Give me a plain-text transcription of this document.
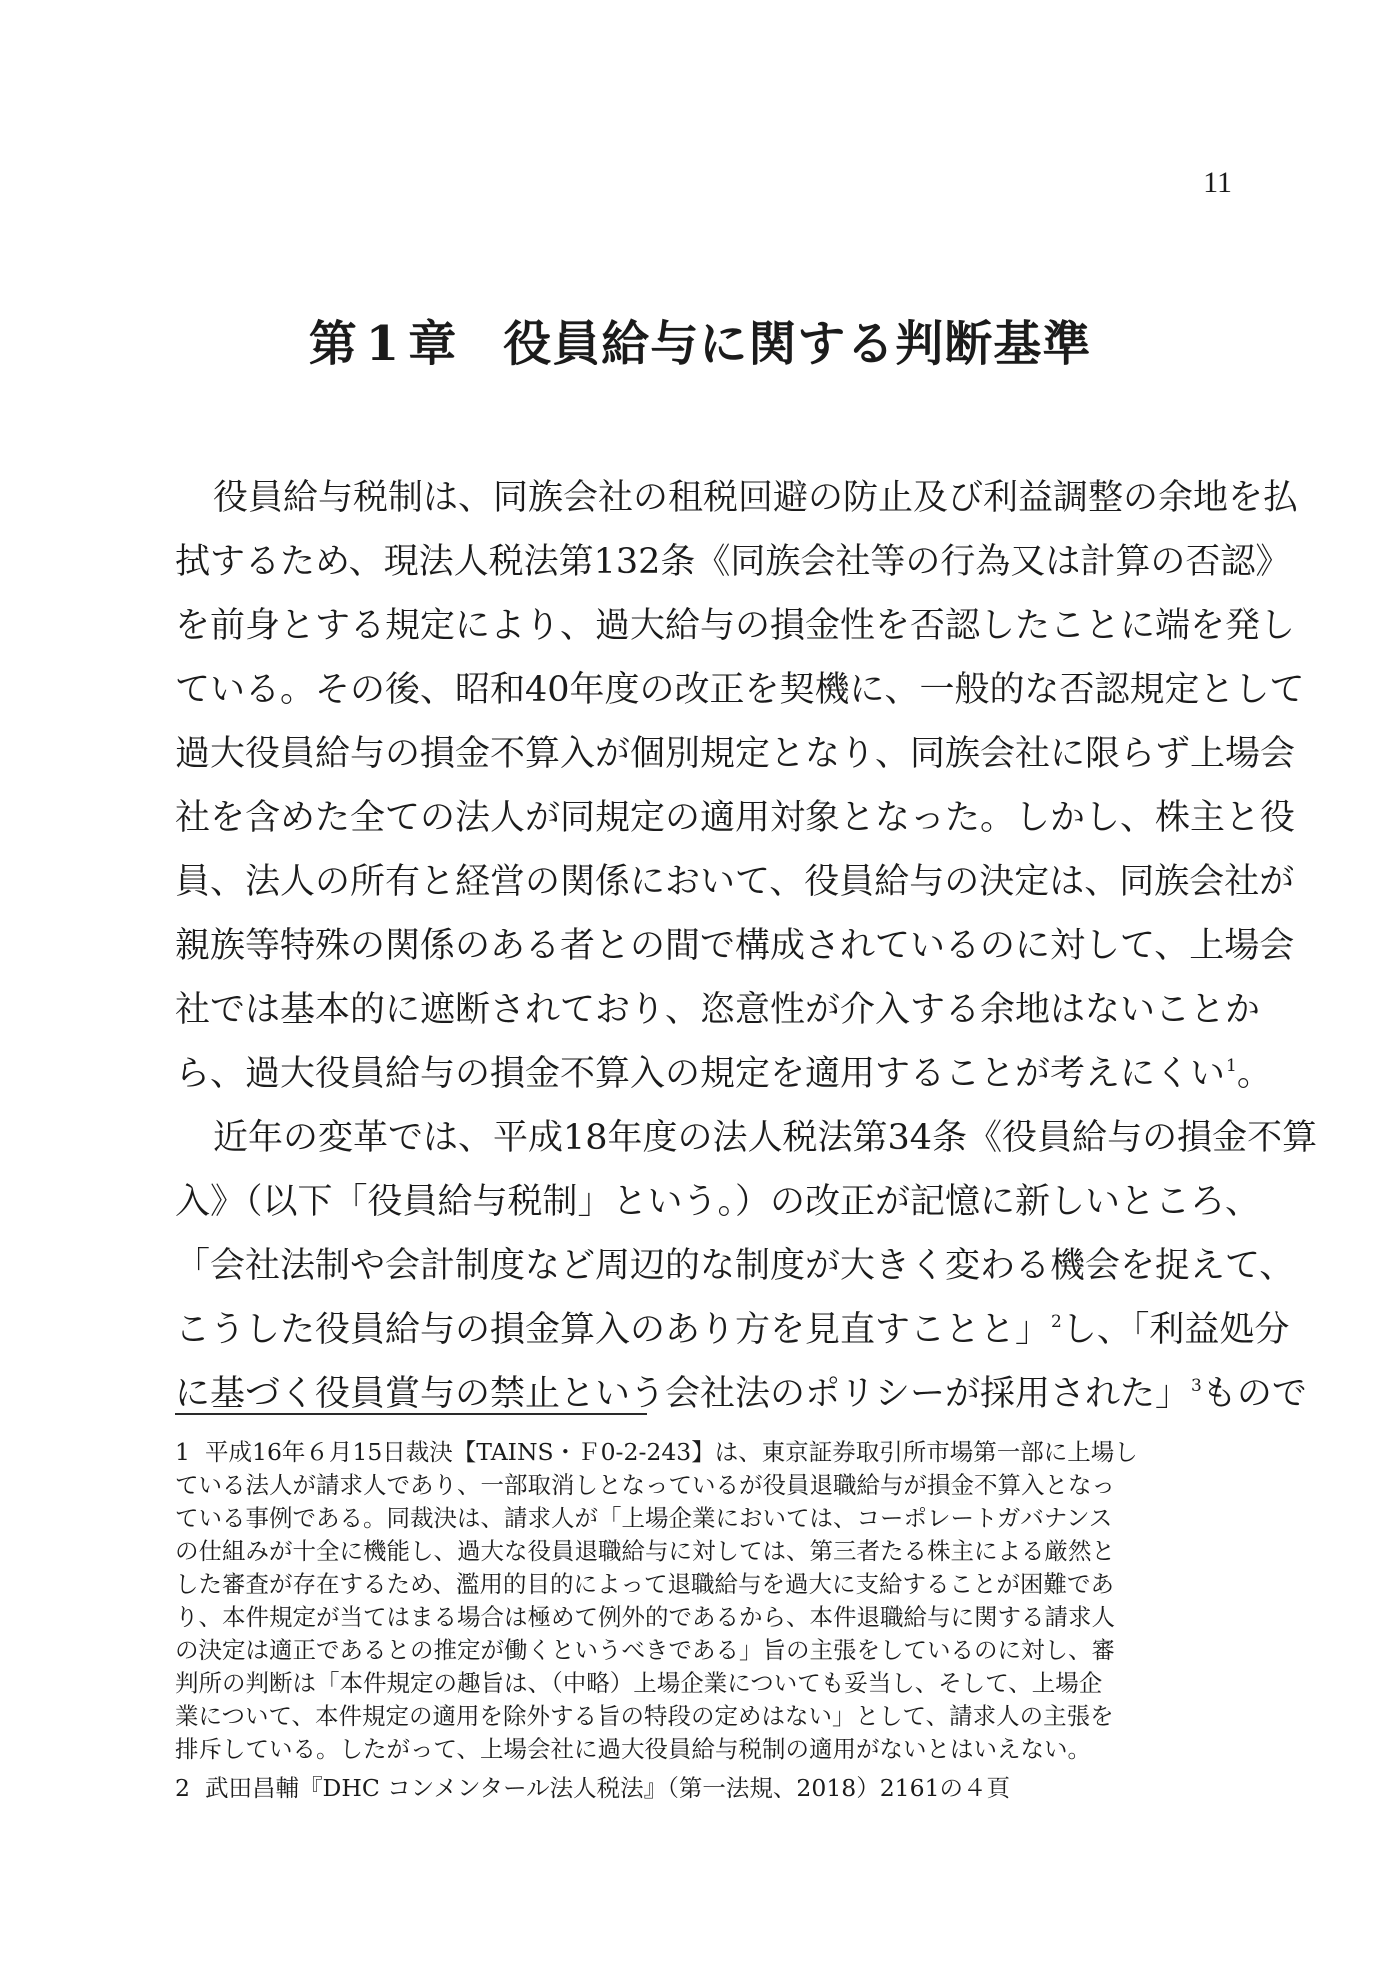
11
第 1 章 役員給与に関する判断基準
役員給与税制は、同族会社の租税回避の防止及び利益調整の余地を払
拭するため、現法人税法第132条《同族会社等の行為又は計算の否認》
を前身とする規定により、過大給与の損金性を否認したことに端を発し
ている。その後、昭和40年度の改正を契機に、一般的な否認規定として
過大役員給与の損金不算入が個別規定となり、同族会社に限らず上場会
社を含めた全ての法人が同規定の適用対象となった。しかし、株主と役
員、法人の所有と経営の関係において、役員給与の決定は、同族会社が
親族等特殊の関係のある者との間で構成されているのに対して、上場会
社では基本的に遮断されており、恣意性が介入する余地はないことか
ら、過大役員給与の損金不算入の規定を適用することが考えにくい$^1$。
近年の変革では、平成18年度の法人税法第34条《役員給与の損金不算
入》（以下「役員給与税制」という。）の改正が記憶に新しいところ、
「会社法制や会計制度など周辺的な制度が大きく変わる機会を捉えて、
こうした役員給与の損金算入のあり方を見直すことと」$^2$し、「利益処分
に基づく役員賞与の禁止という会社法のポリシーが採用された」$^3$もので
1 平成16年６月15日裁決【TAINS・Ｆ0-2-243】は、東京証券取引所市場第一部に上場し
ている法人が請求人であり、一部取消しとなっているが役員退職給与が損金不算入となっ
ている事例である。同裁決は、請求人が「上場企業においては、コーポレートガバナンス
の仕組みが十全に機能し、過大な役員退職給与に対しては、第三者たる株主による厳然と
した審査が存在するため、濫用的目的によって退職給与を過大に支給することが困難であ
り、本件規定が当てはまる場合は極めて例外的であるから、本件退職給与に関する請求人
の決定は適正であるとの推定が働くというべきである」旨の主張をしているのに対し、審
判所の判断は「本件規定の趣旨は、（中略）上場企業についても妥当し、そして、上場企
業について、本件規定の適用を除外する旨の特段の定めはない」として、請求人の主張を
排斥している。したがって、上場会社に過大役員給与税制の適用がないとはいえない。
2 武田昌輔『DHC コンメンタール法人税法』（第一法規、2018）2161の４頁
